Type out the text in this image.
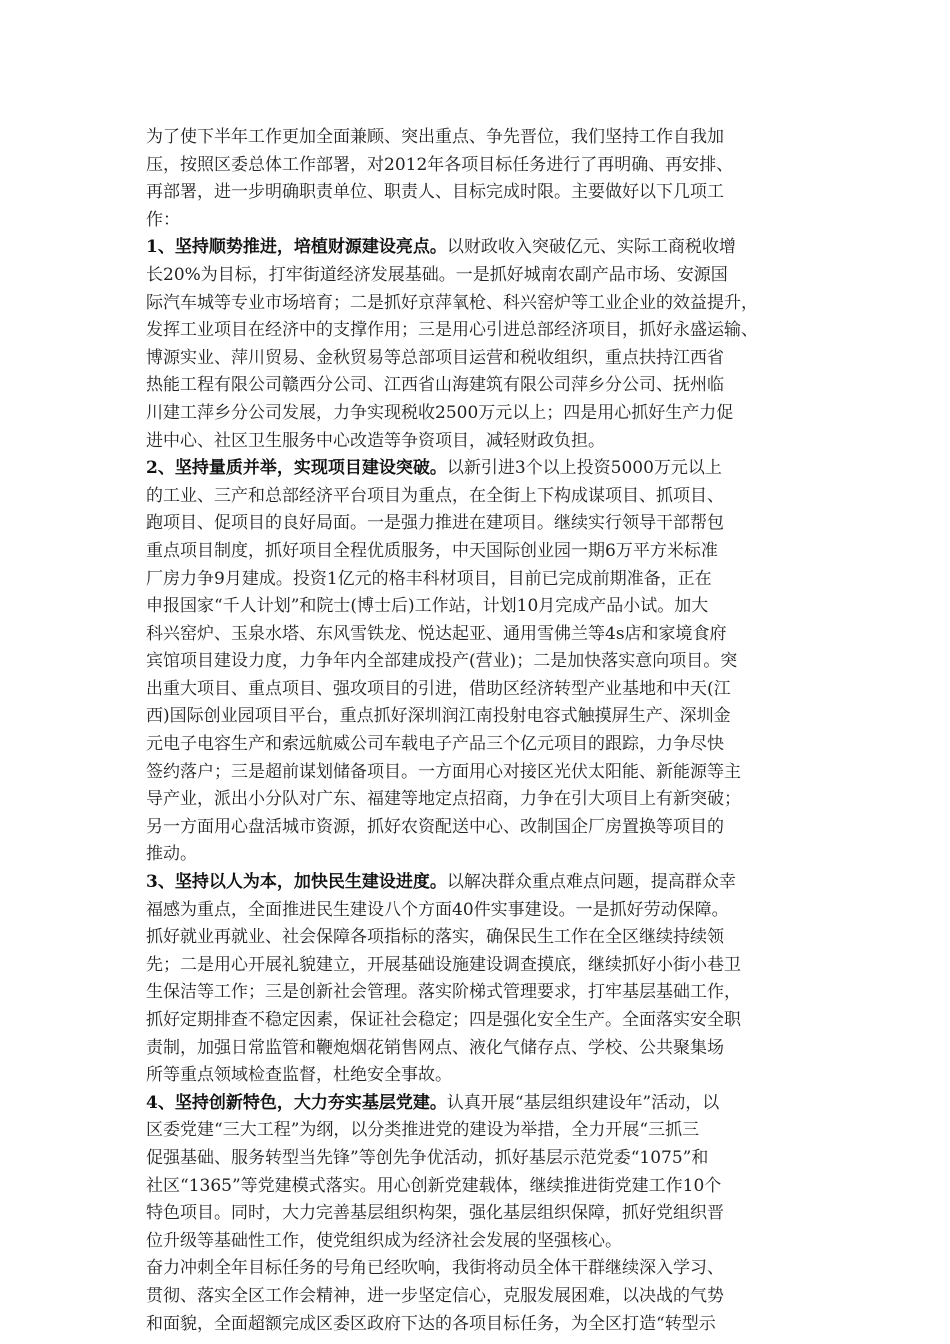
为了使下半年工作更加全面兼顾、突出重点、争先晋位，我们坚持工作自我加
压，按照区委总体工作部署，对2012年各项目标任务进行了再明确、再安排、
再部署，进一步明确职责单位、职责人、目标完成时限。主要做好以下几项工
作：

1、坚持顺势推进，培植财源建设亮点。以财政收入突破亿元、实际工商税收增
长20%为目标，打牢街道经济发展基础。一是抓好城南农副产品市场、安源国
际汽车城等专业市场培育；二是抓好京萍氧枪、科兴窑炉等工业企业的效益提升，
发挥工业项目在经济中的支撑作用；三是用心引进总部经济项目，抓好永盛运输、
博源实业、萍川贸易、金秋贸易等总部项目运营和税收组织，重点扶持江西省
热能工程有限公司赣西分公司、江西省山海建筑有限公司萍乡分公司、抚州临
川建工萍乡分公司发展，力争实现税收2500万元以上；四是用心抓好生产力促
进中心、社区卫生服务中心改造等争资项目，减轻财政负担。

2、坚持量质并举，实现项目建设突破。以新引进3个以上投资5000万元以上
的工业、三产和总部经济平台项目为重点，在全街上下构成谋项目、抓项目、
跑项目、促项目的良好局面。一是强力推进在建项目。继续实行领导干部帮包
重点项目制度，抓好项目全程优质服务，中天国际创业园一期6万平方米标准
厂房力争9月建成。投资1亿元的格丰科材项目，目前已完成前期准备，正在
申报国家“千人计划”和院士(博士后)工作站，计划10月完成产品小试。加大
科兴窑炉、玉泉水塔、东风雪铁龙、悦达起亚、通用雪佛兰等4s店和家境食府
宾馆项目建设力度，力争年内全部建成投产(营业)；二是加快落实意向项目。突
出重大项目、重点项目、强攻项目的引进，借助区经济转型产业基地和中天(江
西)国际创业园项目平台，重点抓好深圳润江南投射电容式触摸屏生产、深圳金
元电子电容生产和索远航威公司车载电子产品三个亿元项目的跟踪，力争尽快
签约落户；三是超前谋划储备项目。一方面用心对接区光伏太阳能、新能源等主
导产业，派出小分队对广东、福建等地定点招商，力争在引大项目上有新突破；
另一方面用心盘活城市资源，抓好农资配送中心、改制国企厂房置换等项目的
推动。

3、坚持以人为本，加快民生建设进度。以解决群众重点难点问题，提高群众幸
福感为重点，全面推进民生建设八个方面40件实事建设。一是抓好劳动保障。
抓好就业再就业、社会保障各项指标的落实，确保民生工作在全区继续持续领
先；二是用心开展礼貌建立，开展基础设施建设调查摸底，继续抓好小街小巷卫
生保洁等工作；三是创新社会管理。落实阶梯式管理要求，打牢基层基础工作，
抓好定期排查不稳定因素，保证社会稳定；四是强化安全生产。全面落实安全职
责制，加强日常监管和鞭炮烟花销售网点、液化气储存点、学校、公共聚集场
所等重点领域检查监督，杜绝安全事故。

4、坚持创新特色，大力夯实基层党建。认真开展“基层组织建设年”活动，以
区委党建“三大工程”为纲，以分类推进党的建设为举措，全力开展“三抓三
促强基础、服务转型当先锋”等创先争优活动，抓好基层示范党委“1075”和
社区“1365”等党建模式落实。用心创新党建载体，继续推进街党建工作10个
特色项目。同时，大力完善基层组织构架，强化基层组织保障，抓好党组织晋
位升级等基础性工作，使党组织成为经济社会发展的坚强核心。

奋力冲刺全年目标任务的号角已经吹响，我街将动员全体干群继续深入学习、
贯彻、落实全区工作会精神，进一步坚定信心，克服发展困难，以决战的气势
和面貌，全面超额完成区委区政府下达的各项目标任务，为全区打造“转型示
